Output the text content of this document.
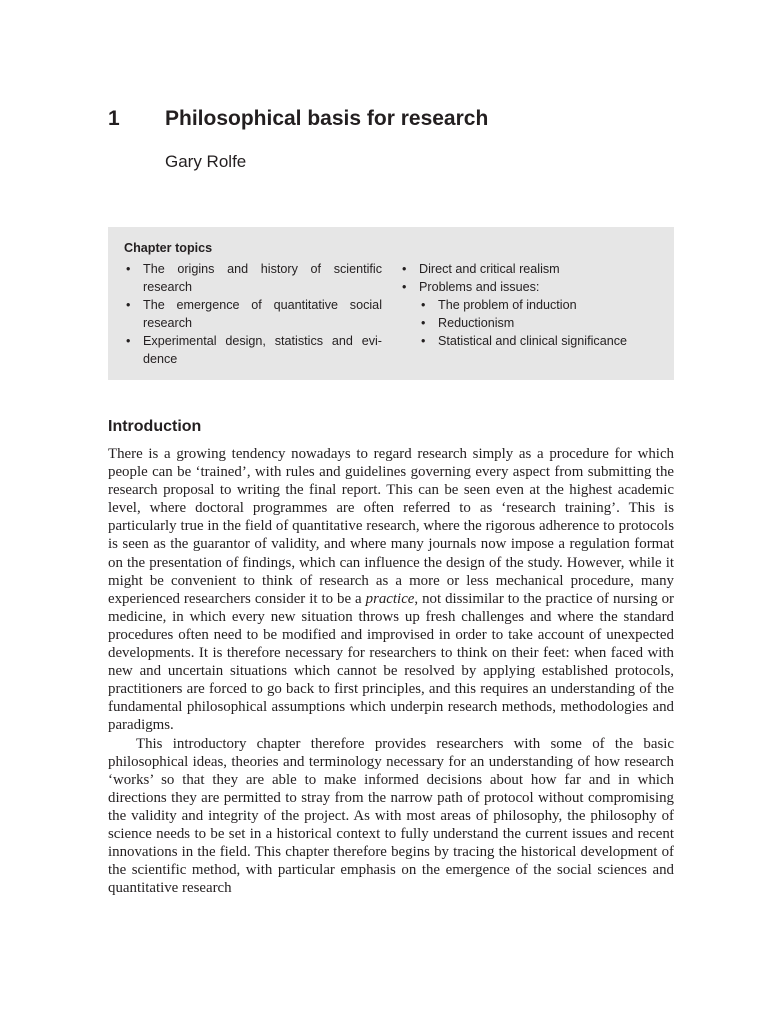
1 Philosophical basis for research
Gary Rolfe
Chapter topics
• The origins and history of scientific research
• The emergence of quantitative social research
• Experimental design, statistics and evi-dence
• Direct and critical realism
• Problems and issues:
• The problem of induction
• Reductionism
• Statistical and clinical significance
Introduction

There is a growing tendency nowadays to regard research simply as a procedure for which people can be ‘trained’, with rules and guidelines governing every aspect from submitting the research proposal to writing the final report. This can be seen even at the highest academic level, where doctoral programmes are often referred to as ‘research training’. This is particularly true in the field of quantitative research, where the rigorous adherence to protocols is seen as the guarantor of validity, and where many journals now impose a regulation format on the presentation of findings, which can influence the design of the study. However, while it might be convenient to think of research as a more or less mechanical procedure, many experienced researchers consider it to be a practice, not dissimilar to the practice of nursing or medicine, in which every new situation throws up fresh challenges and where the standard procedures often need to be modified and improvised in order to take account of unexpected developments. It is therefore necessary for researchers to think on their feet: when faced with new and uncertain situations which cannot be resolved by applying established protocols, practitioners are forced to go back to first principles, and this requires an understanding of the fundamental philosophical assumptions which underpin research methods, methodologies and paradigms.

This introductory chapter therefore provides researchers with some of the basic philosophical ideas, theories and terminology necessary for an understanding of how research ‘works’ so that they are able to make informed decisions about how far and in which directions they are permitted to stray from the narrow path of protocol without compromising the validity and integrity of the project. As with most areas of philosophy, the philosophy of science needs to be set in a historical context to fully understand the current issues and recent innovations in the field. This chapter therefore begins by tracing the historical development of the scientific method, with particular emphasis on the emergence of the social sciences and quantitative research
